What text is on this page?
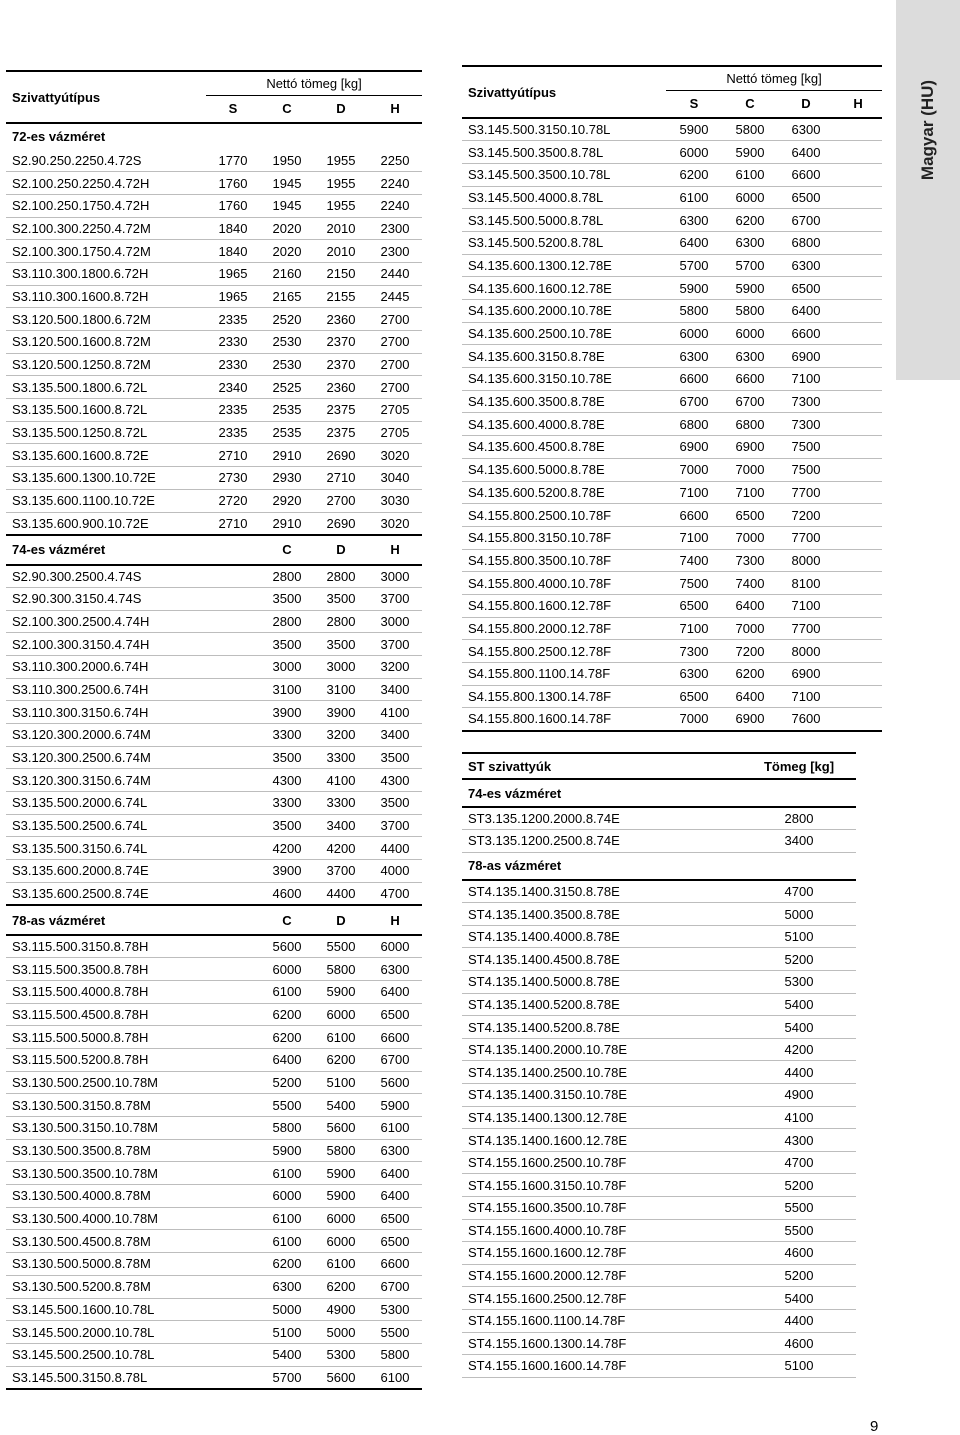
Szivattyútípus	Nettó tömeg [kg]			
	S	C	D	H
72-es vázméret				
S2.90.250.2250.4.72S	1770	1950	1955	2250
S2.100.250.2250.4.72H	1760	1945	1955	2240
S2.100.250.1750.4.72H	1760	1945	1955	2240
S2.100.300.2250.4.72M	1840	2020	2010	2300
S2.100.300.1750.4.72M	1840	2020	2010	2300
S3.110.300.1800.6.72H	1965	2160	2150	2440
S3.110.300.1600.8.72H	1965	2165	2155	2445
S3.120.500.1800.6.72M	2335	2520	2360	2700
S3.120.500.1600.8.72M	2330	2530	2370	2700
S3.120.500.1250.8.72M	2330	2530	2370	2700
S3.135.500.1800.6.72L	2340	2525	2360	2700
S3.135.500.1600.8.72L	2335	2535	2375	2705
S3.135.500.1250.8.72L	2335	2535	2375	2705
S3.135.600.1600.8.72E	2710	2910	2690	3020
S3.135.600.1300.10.72E	2730	2930	2710	3040
S3.135.600.1100.10.72E	2720	2920	2700	3030
S3.135.600.900.10.72E	2710	2910	2690	3020
74-es vázméret		C	D	H
S2.90.300.2500.4.74S		2800	2800	3000
S2.90.300.3150.4.74S		3500	3500	3700
S2.100.300.2500.4.74H		2800	2800	3000
S2.100.300.3150.4.74H		3500	3500	3700
S3.110.300.2000.6.74H		3000	3000	3200
S3.110.300.2500.6.74H		3100	3100	3400
S3.110.300.3150.6.74H		3900	3900	4100
S3.120.300.2000.6.74M		3300	3200	3400
S3.120.300.2500.6.74M		3500	3300	3500
S3.120.300.3150.6.74M		4300	4100	4300
S3.135.500.2000.6.74L		3300	3300	3500
S3.135.500.2500.6.74L		3500	3400	3700
S3.135.500.3150.6.74L		4200	4200	4400
S3.135.600.2000.8.74E		3900	3700	4000
S3.135.600.2500.8.74E		4600	4400	4700
78-as vázméret		C	D	H
S3.115.500.3150.8.78H		5600	5500	6000
S3.115.500.3500.8.78H		6000	5800	6300
S3.115.500.4000.8.78H		6100	5900	6400
S3.115.500.4500.8.78H		6200	6000	6500
S3.115.500.5000.8.78H		6200	6100	6600
S3.115.500.5200.8.78H		6400	6200	6700
S3.130.500.2500.10.78M		5200	5100	5600
S3.130.500.3150.8.78M		5500	5400	5900
S3.130.500.3150.10.78M		5800	5600	6100
S3.130.500.3500.8.78M		5900	5800	6300
S3.130.500.3500.10.78M		6100	5900	6400
S3.130.500.4000.8.78M		6000	5900	6400
S3.130.500.4000.10.78M		6100	6000	6500
S3.130.500.4500.8.78M		6100	6000	6500
S3.130.500.5000.8.78M		6200	6100	6600
S3.130.500.5200.8.78M		6300	6200	6700
S3.145.500.1600.10.78L		5000	4900	5300
S3.145.500.2000.10.78L		5100	5000	5500
S3.145.500.2500.10.78L		5400	5300	5800
S3.145.500.3150.8.78L		5700	5600	6100
Szivattyútípus	Nettó tömeg [kg]			
	S	C	D	H
S3.145.500.3150.10.78L	5900	5800	6300	
S3.145.500.3500.8.78L	6000	5900	6400	
S3.145.500.3500.10.78L	6200	6100	6600	
S3.145.500.4000.8.78L	6100	6000	6500	
S3.145.500.5000.8.78L	6300	6200	6700	
S3.145.500.5200.8.78L	6400	6300	6800	
S4.135.600.1300.12.78E	5700	5700	6300	
S4.135.600.1600.12.78E	5900	5900	6500	
S4.135.600.2000.10.78E	5800	5800	6400	
S4.135.600.2500.10.78E	6000	6000	6600	
S4.135.600.3150.8.78E	6300	6300	6900	
S4.135.600.3150.10.78E	6600	6600	7100	
S4.135.600.3500.8.78E	6700	6700	7300	
S4.135.600.4000.8.78E	6800	6800	7300	
S4.135.600.4500.8.78E	6900	6900	7500	
S4.135.600.5000.8.78E	7000	7000	7500	
S4.135.600.5200.8.78E	7100	7100	7700	
S4.155.800.2500.10.78F	6600	6500	7200	
S4.155.800.3150.10.78F	7100	7000	7700	
S4.155.800.3500.10.78F	7400	7300	8000	
S4.155.800.4000.10.78F	7500	7400	8100	
S4.155.800.1600.12.78F	6500	6400	7100	
S4.155.800.2000.12.78F	7100	7000	7700	
S4.155.800.2500.12.78F	7300	7200	8000	
S4.155.800.1100.14.78F	6300	6200	6900	
S4.155.800.1300.14.78F	6500	6400	7100	
S4.155.800.1600.14.78F	7000	6900	7600	
ST szivattyúk	Tömeg [kg]
74-es vázméret	
ST3.135.1200.2000.8.74E	2800
ST3.135.1200.2500.8.74E	3400
78-as vázméret	
ST4.135.1400.3150.8.78E	4700
ST4.135.1400.3500.8.78E	5000
ST4.135.1400.4000.8.78E	5100
ST4.135.1400.4500.8.78E	5200
ST4.135.1400.5000.8.78E	5300
ST4.135.1400.5200.8.78E	5400
ST4.135.1400.5200.8.78E	5400
ST4.135.1400.2000.10.78E	4200
ST4.135.1400.2500.10.78E	4400
ST4.135.1400.3150.10.78E	4900
ST4.135.1400.1300.12.78E	4100
ST4.135.1400.1600.12.78E	4300
ST4.155.1600.2500.10.78F	4700
ST4.155.1600.3150.10.78F	5200
ST4.155.1600.3500.10.78F	5500
ST4.155.1600.4000.10.78F	5500
ST4.155.1600.1600.12.78F	4600
ST4.155.1600.2000.12.78F	5200
ST4.155.1600.2500.12.78F	5400
ST4.155.1600.1100.14.78F	4400
ST4.155.1600.1300.14.78F	4600
ST4.155.1600.1600.14.78F	5100
Magyar (HU)
9
